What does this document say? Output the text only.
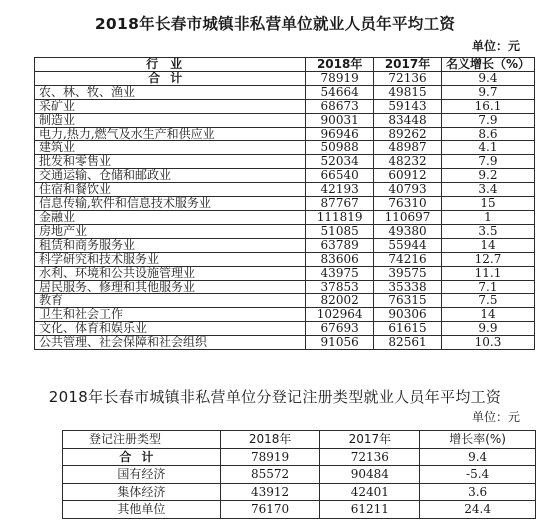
2018年长春市城镇非私营单位就业人员年平均工资
单位：元
行业	2018年	2017年	名义增长（%）
合计	78919	72136	9.4
农、林、牧、渔业	54664	49815	9.7
采矿业	68673	59143	16.1
制造业	90031	83448	7.9
电力,热力,燃气及水生产和供应业	96946	89262	8.6
建筑业	50988	48987	4.1
批发和零售业	52034	48232	7.9
交通运输、仓储和邮政业	66540	60912	9.2
住宿和餐饮业	42193	40793	3.4
信息传输,软件和信息技术服务业	87767	76310	15
金融业	111819	110697	1
房地产业	51085	49380	3.5
租赁和商务服务业	63789	55944	14
科学研究和技术服务业	83606	74216	12.7
水利、环境和公共设施管理业	43975	39575	11.1
居民服务、修理和其他服务业	37853	35338	7.1
教育	82002	76315	7.5
卫生和社会工作	102964	90306	14
文化、体育和娱乐业	67693	61615	9.9
公共管理、社会保障和社会组织	91056	82561	10.3
2018年长春市城镇非私营单位分登记注册类型就业人员年平均工资
单位：元
登记注册类型	2018年	2017年	增长率(%)
合计	78919	72136	9.4
国有经济	85572	90484	-5.4
集体经济	43912	42401	3.6
其他单位	76170	61211	24.4
